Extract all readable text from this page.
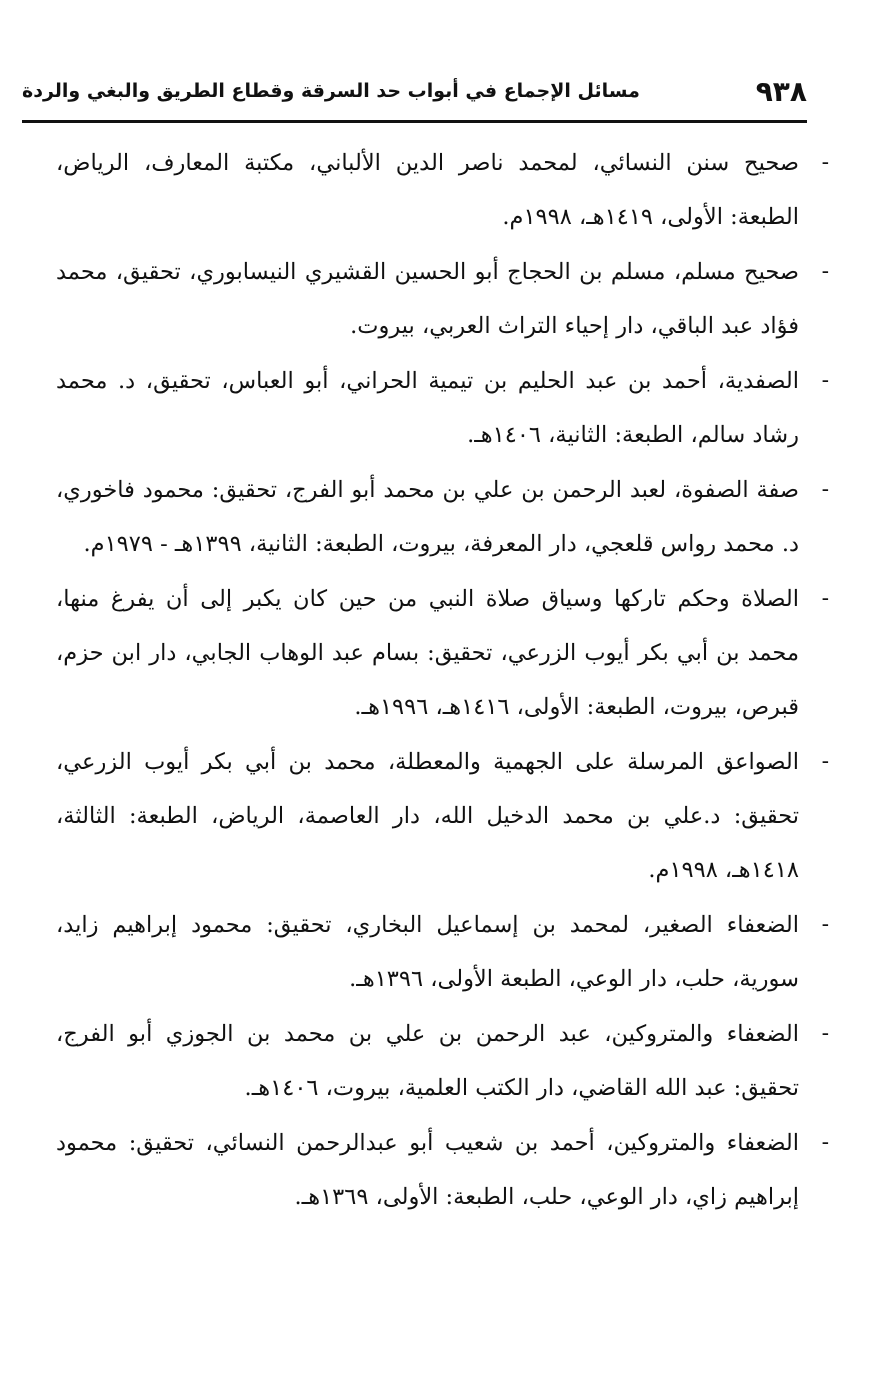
٩٣٨
مسائل الإجماع في أبواب حد السرقة وقطاع الطريق والبغي والردة
-
صحيح سنن النسائي، لمحمد ناصر الدين الألباني، مكتبة المعارف، الرياض، الطبعة: الأولى، ١٤١٩هـ، ١٩٩٨م.
-
صحيح مسلم، مسلم بن الحجاج أبو الحسين القشيري النيسابوري، تحقيق، محمد فؤاد عبد الباقي، دار إحياء التراث العربي، بيروت.
-
الصفدية، أحمد بن عبد الحليم بن تيمية الحراني، أبو العباس، تحقيق، د. محمد رشاد سالم، الطبعة: الثانية، ١٤٠٦هـ.
-
صفة الصفوة، لعبد الرحمن بن علي بن محمد أبو الفرج، تحقيق: محمود فاخوري، د. محمد رواس قلعجي، دار المعرفة، بيروت، الطبعة: الثانية، ١٣٩٩هـ - ١٩٧٩م.
-
الصلاة وحكم تاركها وسياق صلاة النبي من حين كان يكبر إلى أن يفرغ منها، محمد بن أبي بكر أيوب الزرعي، تحقيق: بسام عبد الوهاب الجابي، دار ابن حزم، قبرص، بيروت، الطبعة: الأولى، ١٤١٦هـ، ١٩٩٦هـ.
-
الصواعق المرسلة على الجهمية والمعطلة، محمد بن أبي بكر أيوب الزرعي، تحقيق: د.علي بن محمد الدخيل الله، دار العاصمة، الرياض، الطبعة: الثالثة، ١٤١٨هـ، ١٩٩٨م.
-
الضعفاء الصغير، لمحمد بن إسماعيل البخاري، تحقيق: محمود إبراهيم زايد، سورية، حلب، دار الوعي، الطبعة الأولى، ١٣٩٦هـ.
-
الضعفاء والمتروكين، عبد الرحمن بن علي بن محمد بن الجوزي أبو الفرج، تحقيق: عبد الله القاضي، دار الكتب العلمية، بيروت، ١٤٠٦هـ.
-
الضعفاء والمتروكين، أحمد بن شعيب أبو عبدالرحمن النسائي، تحقيق: محمود إبراهيم زاي، دار الوعي، حلب، الطبعة: الأولى، ١٣٦٩هـ.
